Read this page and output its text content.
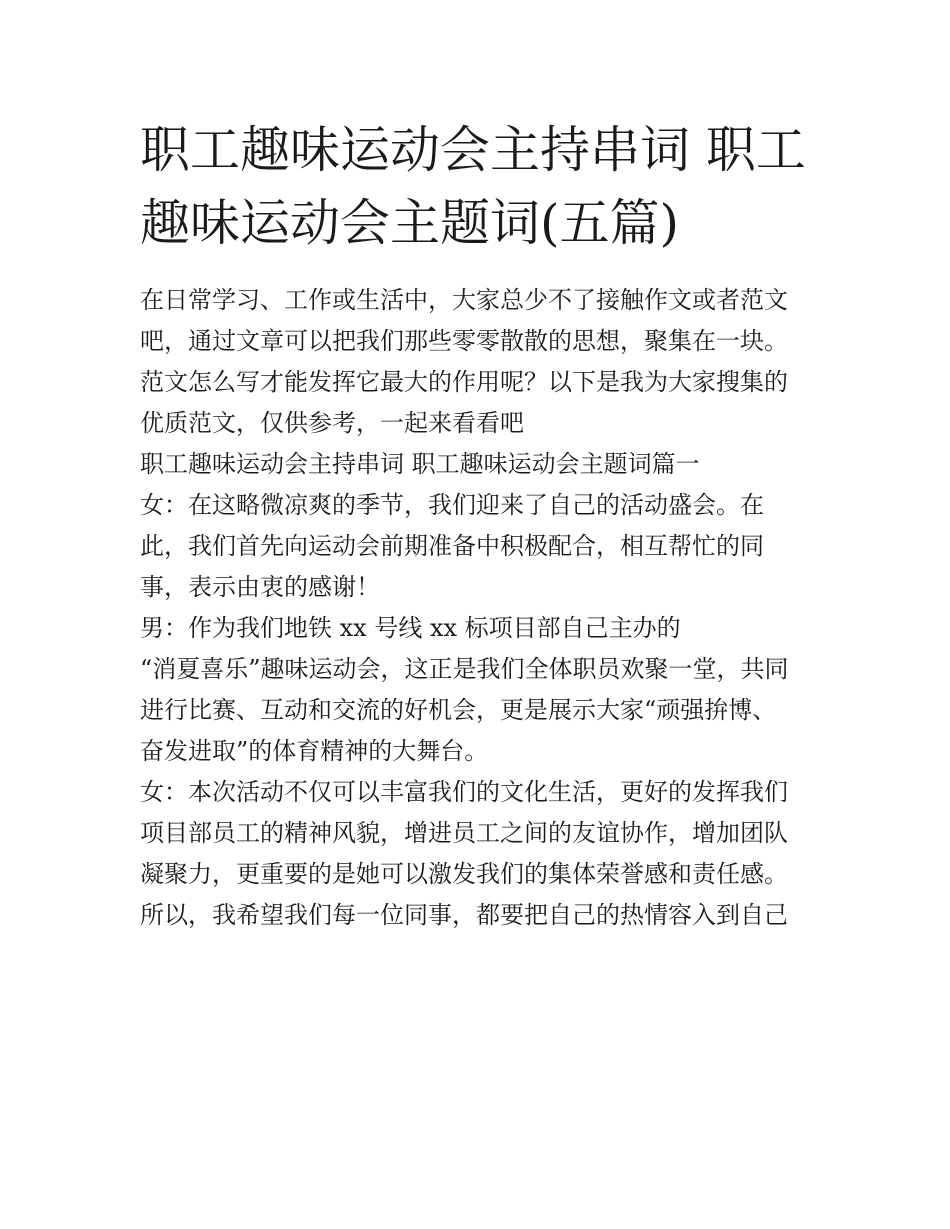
职工趣味运动会主持串词 职工
趣味运动会主题词(五篇)
在日常学习、工作或生活中，大家总少不了接触作文或者范文
吧，通过文章可以把我们那些零零散散的思想，聚集在一块。
范文怎么写才能发挥它最大的作用呢？以下是我为大家搜集的
优质范文，仅供参考，一起来看看吧
职工趣味运动会主持串词 职工趣味运动会主题词篇一
女：在这略微凉爽的季节，我们迎来了自己的活动盛会。在
此，我们首先向运动会前期准备中积极配合，相互帮忙的同
事，表示由衷的感谢！
男：作为我们地铁 xx 号线 xx 标项目部自己主办的
“消夏喜乐”趣味运动会，这正是我们全体职员欢聚一堂，共同
进行比赛、互动和交流的好机会，更是展示大家“顽强拚博、
奋发进取”的体育精神的大舞台。
女：本次活动不仅可以丰富我们的文化生活，更好的发挥我们
项目部员工的精神风貌，增进员工之间的友谊协作，增加团队
凝聚力，更重要的是她可以激发我们的集体荣誉感和责任感。
所以，我希望我们每一位同事，都要把自己的热情容入到自己
